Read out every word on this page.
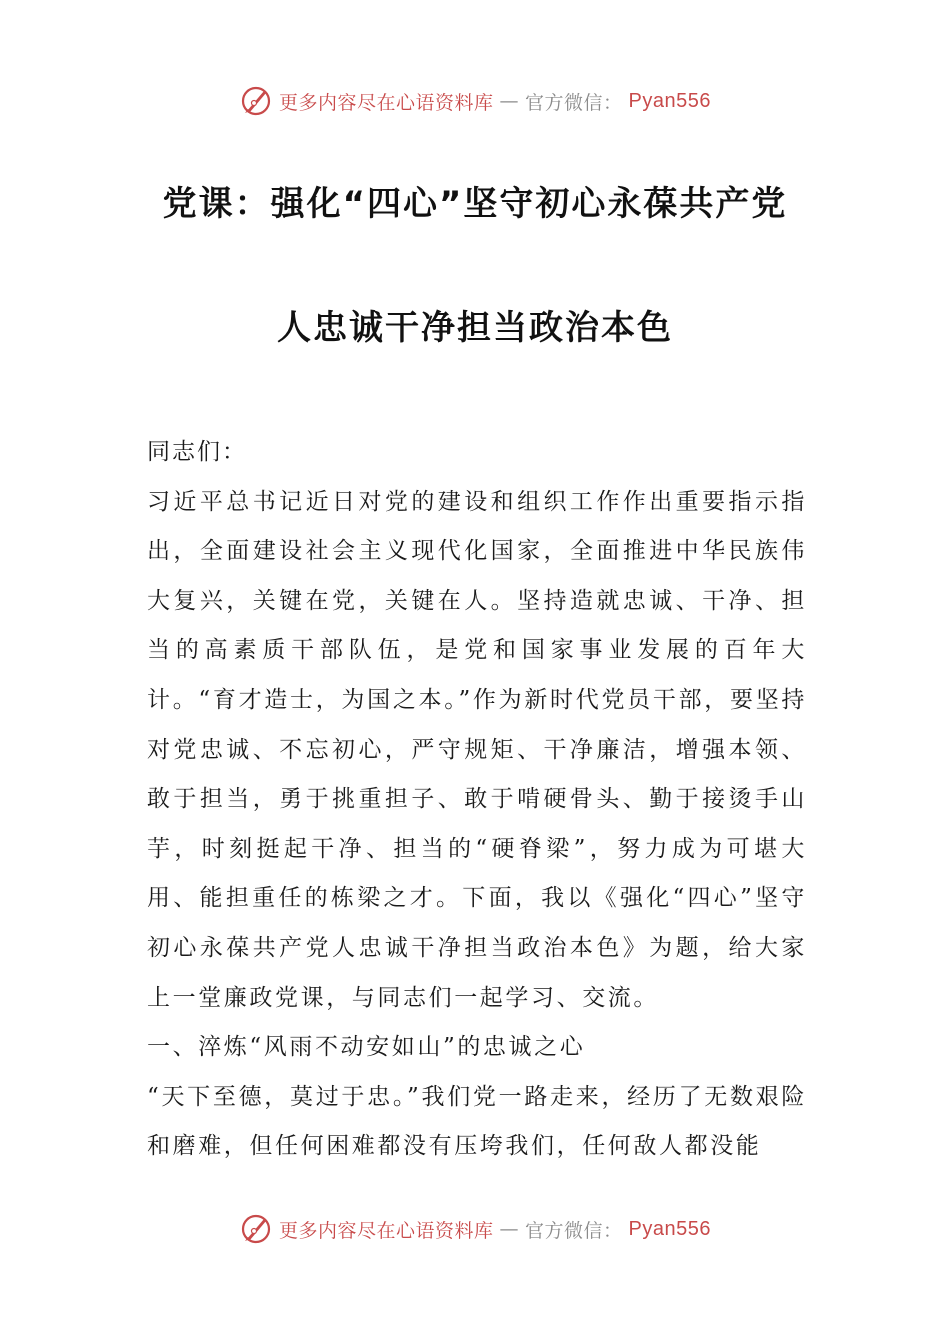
更多内容尽在心语资料库 — 官方微信： Pyan556
党课：强化“四心”坚守初心永葆共产党
人忠诚干净担当政治本色

同志们：

习近平总书记近日对党的建设和组织工作作出重要指示指出，全面建设社会主义现代化国家，全面推进中华民族伟大复兴，关键在党，关键在人。坚持造就忠诚、干净、担当的高素质干部队伍，是党和国家事业发展的百年大计。“育才造士，为国之本。”作为新时代党员干部，要坚持对党忠诚、不忘初心，严守规矩、干净廉洁，增强本领、敢于担当，勇于挑重担子、敢于啃硬骨头、勤于接烫手山芋，时刻挺起干净、担当的“硬脊梁”，努力成为可堪大用、能担重任的栋梁之才。下面，我以《强化“四心”坚守初心永葆共产党人忠诚干净担当政治本色》为题，给大家上一堂廉政党课，与同志们一起学习、交流。

一、淬炼“风雨不动安如山”的忠诚之心

“天下至德，莫过于忠。”我们党一路走来，经历了无数艰险和磨难，但任何困难都没有压垮我们，任何敌人都没能

更多内容尽在心语资料库 — 官方微信： Pyan556
